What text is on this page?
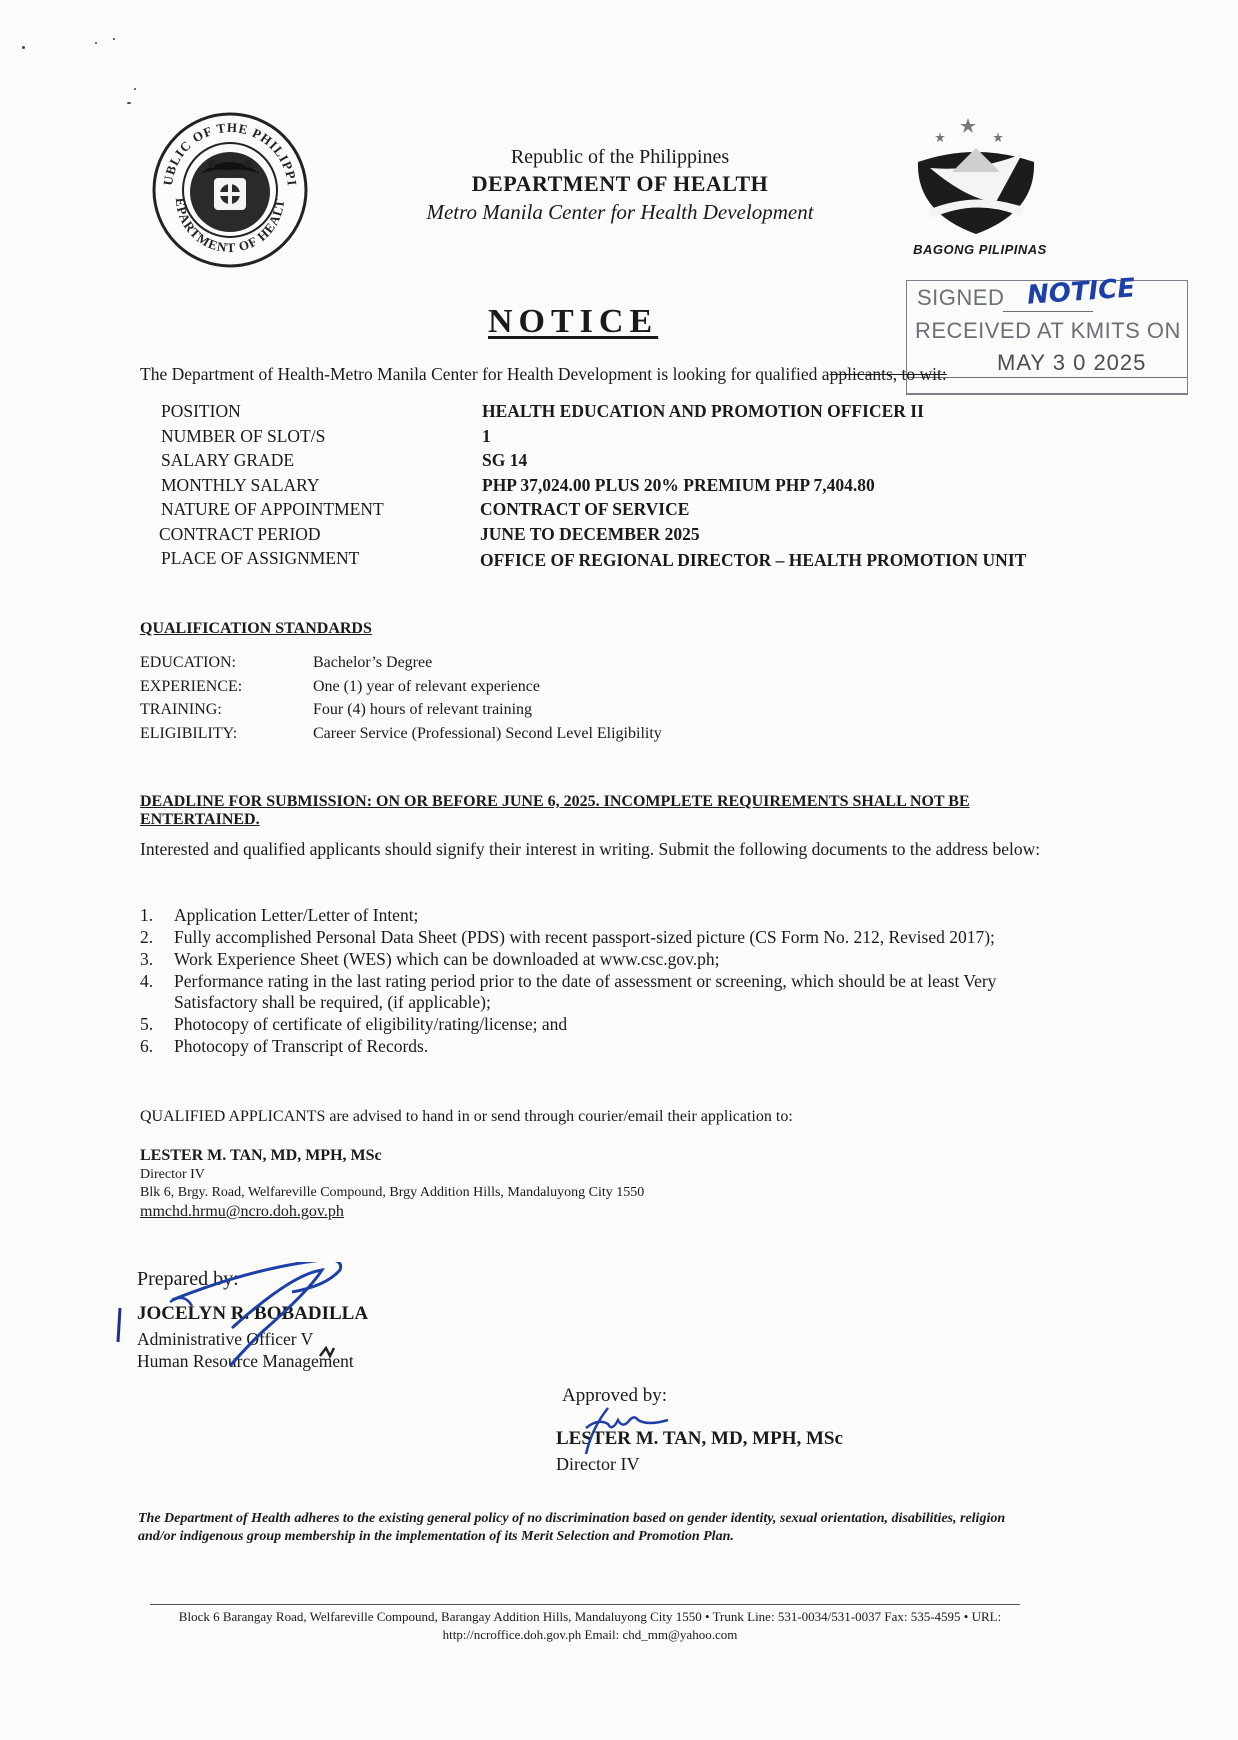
UBLIC OF THE PHILIPPI
EPARTMENT OF HEALT
Republic of the Philippines
DEPARTMENT OF HEALTH
Metro Manila Center for Health Development
BAGONG PILIPINAS
SIGNED NOTICE
RECEIVED AT KMITS ON
MAY 3 0 2025
NOTICE
The Department of Health-Metro Manila Center for Health Development is looking for qualified applicants, to wit:
POSITION	HEALTH EDUCATION AND PROMOTION OFFICER II
NUMBER OF SLOT/S	1
SALARY GRADE	SG 14
MONTHLY SALARY	PHP 37,024.00 PLUS 20% PREMIUM PHP 7,404.80
NATURE OF APPOINTMENT	CONTRACT OF SERVICE
CONTRACT PERIOD	JUNE TO DECEMBER 2025
PLACE OF ASSIGNMENT	OFFICE OF REGIONAL DIRECTOR – HEALTH PROMOTION UNIT
QUALIFICATION STANDARDS
EDUCATION:	Bachelor’s Degree
EXPERIENCE:	One (1) year of relevant experience
TRAINING:	Four (4) hours of relevant training
ELIGIBILITY:	Career Service (Professional) Second Level Eligibility
DEADLINE FOR SUBMISSION: ON OR BEFORE JUNE 6, 2025. INCOMPLETE REQUIREMENTS SHALL NOT BE ENTERTAINED.
Interested and qualified applicants should signify their interest in writing. Submit the following documents to the address below:
1. Application Letter/Letter of Intent;
2. Fully accomplished Personal Data Sheet (PDS) with recent passport-sized picture (CS Form No. 212, Revised 2017);
3. Work Experience Sheet (WES) which can be downloaded at www.csc.gov.ph;
4. Performance rating in the last rating period prior to the date of assessment or screening, which should be at least Very Satisfactory shall be required, (if applicable);
5. Photocopy of certificate of eligibility/rating/license; and
6. Photocopy of Transcript of Records.
QUALIFIED APPLICANTS are advised to hand in or send through courier/email their application to:
LESTER M. TAN, MD, MPH, MSc
Director IV
Blk 6, Brgy. Road, Welfareville Compound, Brgy Addition Hills, Mandaluyong City 1550
mmchd.hrmu@ncro.doh.gov.ph
Prepared by:
JOCELYN R. BOBADILLA
Administrative Officer V
Human Resource Management
Approved by:
LESTER M. TAN, MD, MPH, MSc
Director IV
The Department of Health adheres to the existing general policy of no discrimination based on gender identity, sexual orientation, disabilities, religion and/or indigenous group membership in the implementation of its Merit Selection and Promotion Plan.
Block 6 Barangay Road, Welfareville Compound, Barangay Addition Hills, Mandaluyong City 1550 • Trunk Line: 531-0034/531-0037 Fax: 535-4595 • URL: http://ncroffice.doh.gov.ph Email: chd_mm@yahoo.com
